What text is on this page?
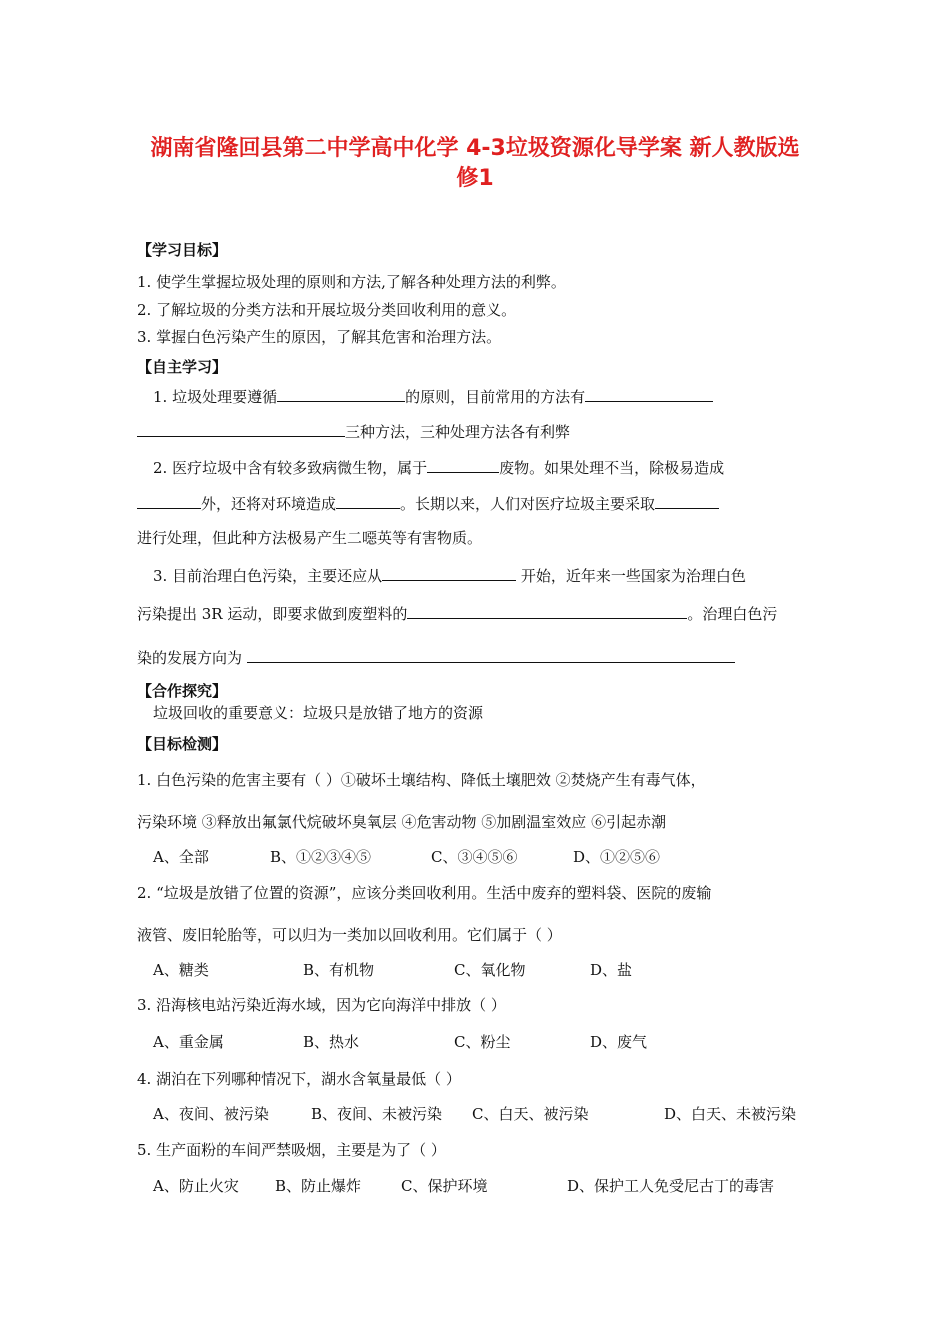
湖南省隆回县第二中学高中化学 4-3垃圾资源化导学案 新人教版选
修1
【学习目标】
1. 使学生掌握垃圾处理的原则和方法,了解各种处理方法的利弊。
2. 了解垃圾的分类方法和开展垃圾分类回收利用的意义。
3. 掌握白色污染产生的原因，了解其危害和治理方法。
【自主学习】
1. 垃圾处理要遵循	的原则，目前常用的方法有
三种方法，三种处理方法各有利弊
2. 医疗垃圾中含有较多致病微生物，属于	废物。如果处理不当，除极易造成
外，还将对环境造成	。长期以来，人们对医疗垃圾主要采取
进行处理，但此种方法极易产生二噁英等有害物质。
3. 目前治理白色污染，主要还应从	开始，近年来一些国家为治理白色
污染提出 3R 运动，即要求做到废塑料的	。治理白色污
染的发展方向为
【合作探究】
垃圾回收的重要意义：垃圾只是放错了地方的资源
【目标检测】
1. 白色污染的危害主要有（ ）①破坏土壤结构、降低土壤肥效 ②焚烧产生有毒气体，
污染环境 ③释放出氟氯代烷破坏臭氧层 ④危害动物 ⑤加剧温室效应 ⑥引起赤潮
A、全部	B、①②③④⑤	C、③④⑤⑥	D、①②⑤⑥
2. “垃圾是放错了位置的资源”，应该分类回收利用。生活中废弃的塑料袋、医院的废输
液管、废旧轮胎等，可以归为一类加以回收利用。它们属于（ ）
A、糖类	B、有机物	C、氧化物	D、盐
3. 沿海核电站污染近海水域，因为它向海洋中排放（ ）
A、重金属	B、热水	C、粉尘	D、废气
4. 湖泊在下列哪种情况下，湖水含氧量最低（ ）
A、夜间、被污染	B、夜间、未被污染 C、白天、被污染	D、白天、未被污染
5. 生产面粉的车间严禁吸烟，主要是为了（ ）
A、防止火灾 B、防止爆炸	C、保护环境	D、保护工人免受尼古丁的毒害
